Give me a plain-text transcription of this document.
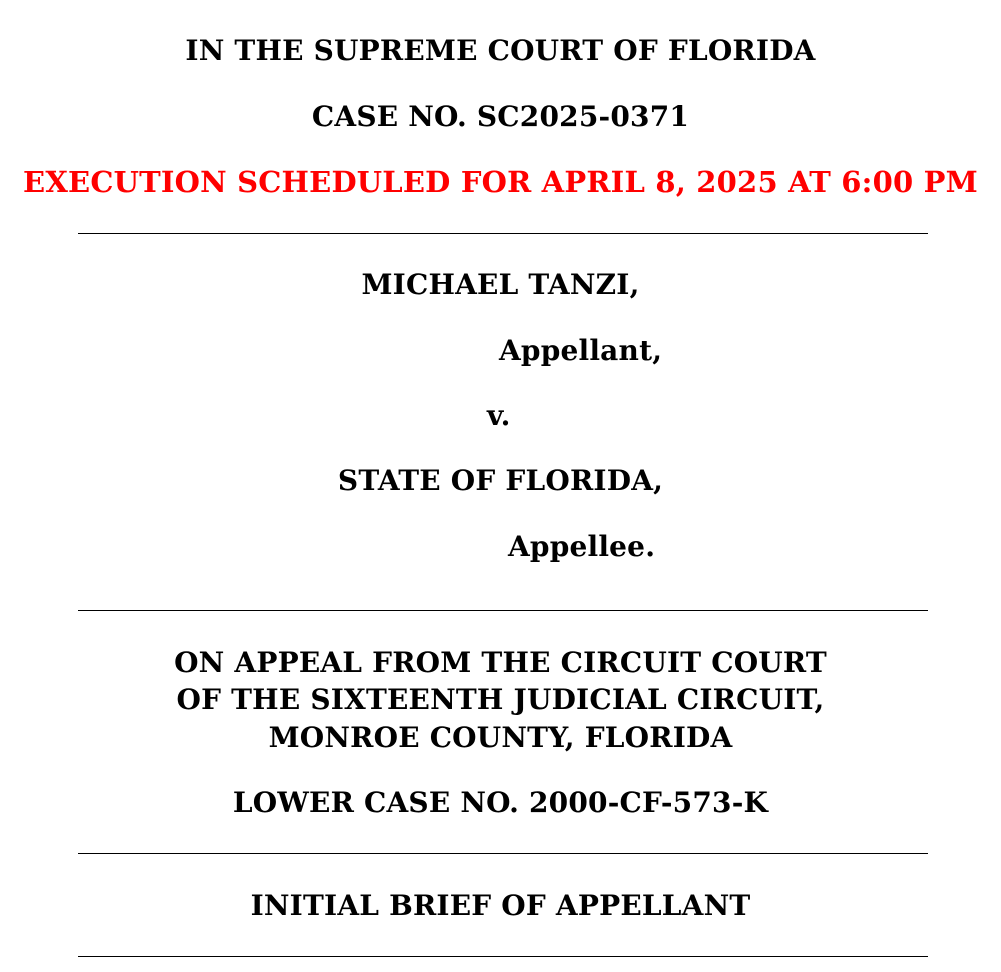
IN THE SUPREME COURT OF FLORIDA
CASE NO. SC2025-0371
EXECUTION SCHEDULED FOR APRIL 8, 2025 AT 6:00 PM
MICHAEL TANZI,
Appellant,
v.
STATE OF FLORIDA,
Appellee.
ON APPEAL FROM THE CIRCUIT COURT
OF THE SIXTEENTH JUDICIAL CIRCUIT,
MONROE COUNTY, FLORIDA
LOWER CASE NO. 2000-CF-573-K
INITIAL BRIEF OF APPELLANT
